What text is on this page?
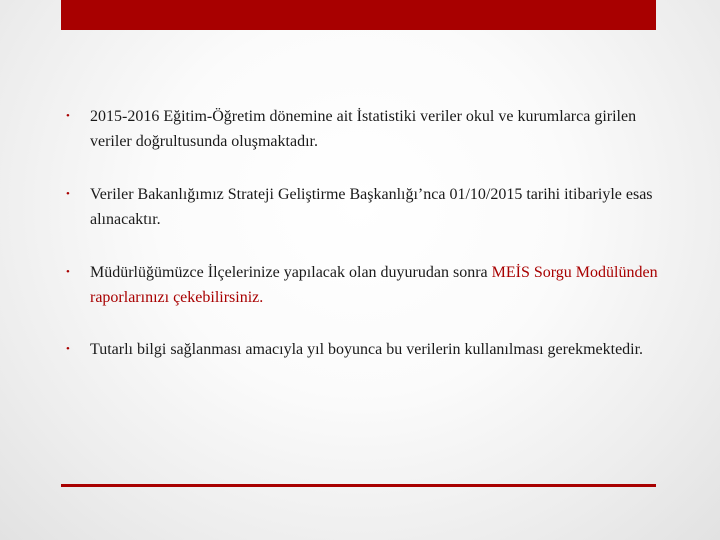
• 2015-2016 Eğitim-Öğretim dönemine ait İstatistiki veriler okul ve kurumlarca girilen veriler doğrultusunda oluşmaktadır.
• Veriler Bakanlığımız Strateji Geliştirme Başkanlığı’nca 01/10/2015 tarihi itibariyle esas alınacaktır.
• Müdürlüğümüzce İlçelerinize yapılacak olan duyurudan sonra MEİS Sorgu Modülünden raporlarınızı çekebilirsiniz.
• Tutarlı bilgi sağlanması amacıyla yıl boyunca bu verilerin kullanılması gerekmektedir.
